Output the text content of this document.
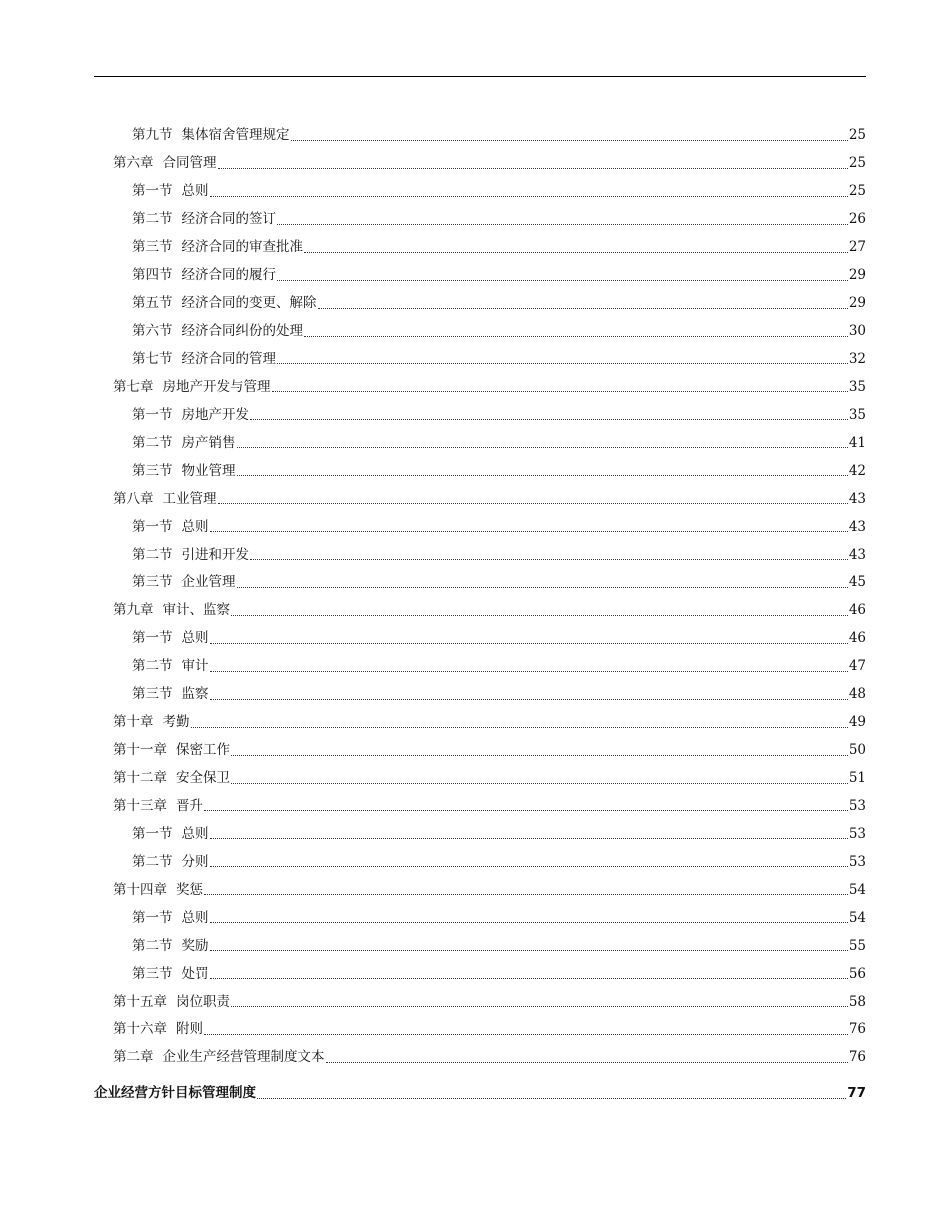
第九节 集体宿舍管理规定	25
第六章 合同管理	25
第一节 总则	25
第二节 经济合同的签订	26
第三节 经济合同的审查批准	27
第四节 经济合同的履行	29
第五节 经济合同的变更、解除	29
第六节 经济合同纠份的处理	30
第七节 经济合同的管理	32
第七章 房地产开发与管理	35
第一节 房地产开发	35
第二节 房产销售	41
第三节 物业管理	42
第八章 工业管理	43
第一节 总则	43
第二节 引进和开发	43
第三节 企业管理	45
第九章 审计、监察	46
第一节 总则	46
第二节 审计	47
第三节 监察	48
第十章 考勤	49
第十一章 保密工作	50
第十二章 安全保卫	51
第十三章 晋升	53
第一节 总则	53
第二节 分则	53
第十四章 奖惩	54
第一节 总则	54
第二节 奖励	55
第三节 处罚	56
第十五章 岗位职责	58
第十六章 附则	76
第二章 企业生产经营管理制度文本	76
企业经营方针目标管理制度	77
